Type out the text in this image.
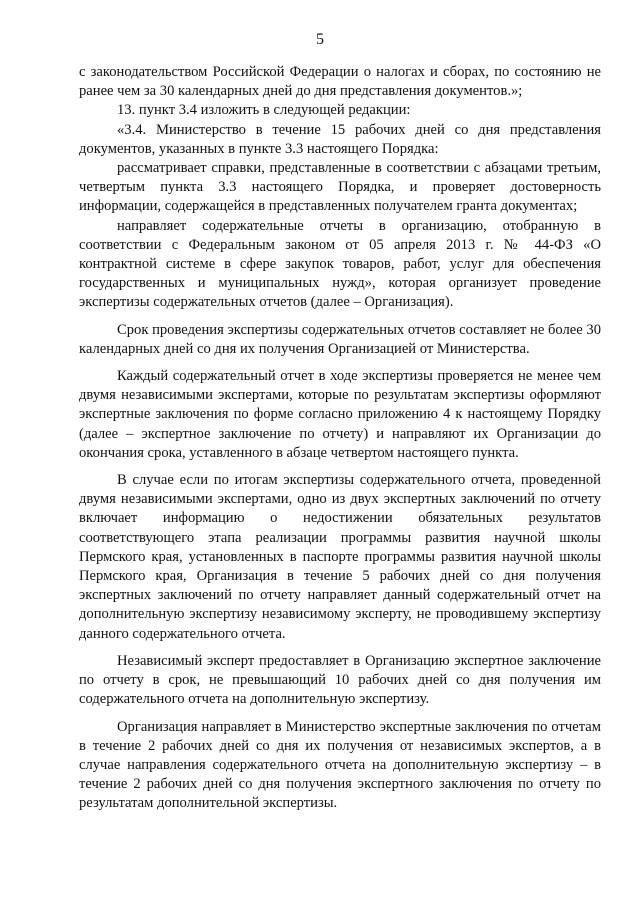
5

с законодательством Российской Федерации о налогах и сборах, по состоянию не ранее чем за 30 календарных дней до дня представления документов.»;

13. пункт 3.4 изложить в следующей редакции:

«3.4. Министерство в течение 15 рабочих дней со дня представления документов, указанных в пункте 3.3 настоящего Порядка:

рассматривает справки, представленные в соответствии с абзацами третьим, четвертым пункта 3.3 настоящего Порядка, и проверяет достоверность информации, содержащейся в представленных получателем гранта документах;

направляет содержательные отчеты в организацию, отобранную в соответствии с Федеральным законом от 05 апреля 2013 г. № 44-ФЗ «О контрактной системе в сфере закупок товаров, работ, услуг для обеспечения государственных и муниципальных нужд», которая организует проведение экспертизы содержательных отчетов (далее – Организация).

Срок проведения экспертизы содержательных отчетов составляет не более 30 календарных дней со дня их получения Организацией от Министерства.

Каждый содержательный отчет в ходе экспертизы проверяется не менее чем двумя независимыми экспертами, которые по результатам экспертизы оформляют экспертные заключения по форме согласно приложению 4 к настоящему Порядку (далее – экспертное заключение по отчету) и направляют их Организации до окончания срока, уставленного в абзаце четвертом настоящего пункта.

В случае если по итогам экспертизы содержательного отчета, проведенной двумя независимыми экспертами, одно из двух экспертных заключений по отчету включает информацию о недостижении обязательных результатов соответствующего этапа реализации программы развития научной школы Пермского края, установленных в паспорте программы развития научной школы Пермского края, Организация в течение 5 рабочих дней со дня получения экспертных заключений по отчету направляет данный содержательный отчет на дополнительную экспертизу независимому эксперту, не проводившему экспертизу данного содержательного отчета.

Независимый эксперт предоставляет в Организацию экспертное заключение по отчету в срок, не превышающий 10 рабочих дней со дня получения им содержательного отчета на дополнительную экспертизу.

Организация направляет в Министерство экспертные заключения по отчетам в течение 2 рабочих дней со дня их получения от независимых экспертов, а в случае направления содержательного отчета на дополнительную экспертизу – в течение 2 рабочих дней со дня получения экспертного заключения по отчету по результатам дополнительной экспертизы.
